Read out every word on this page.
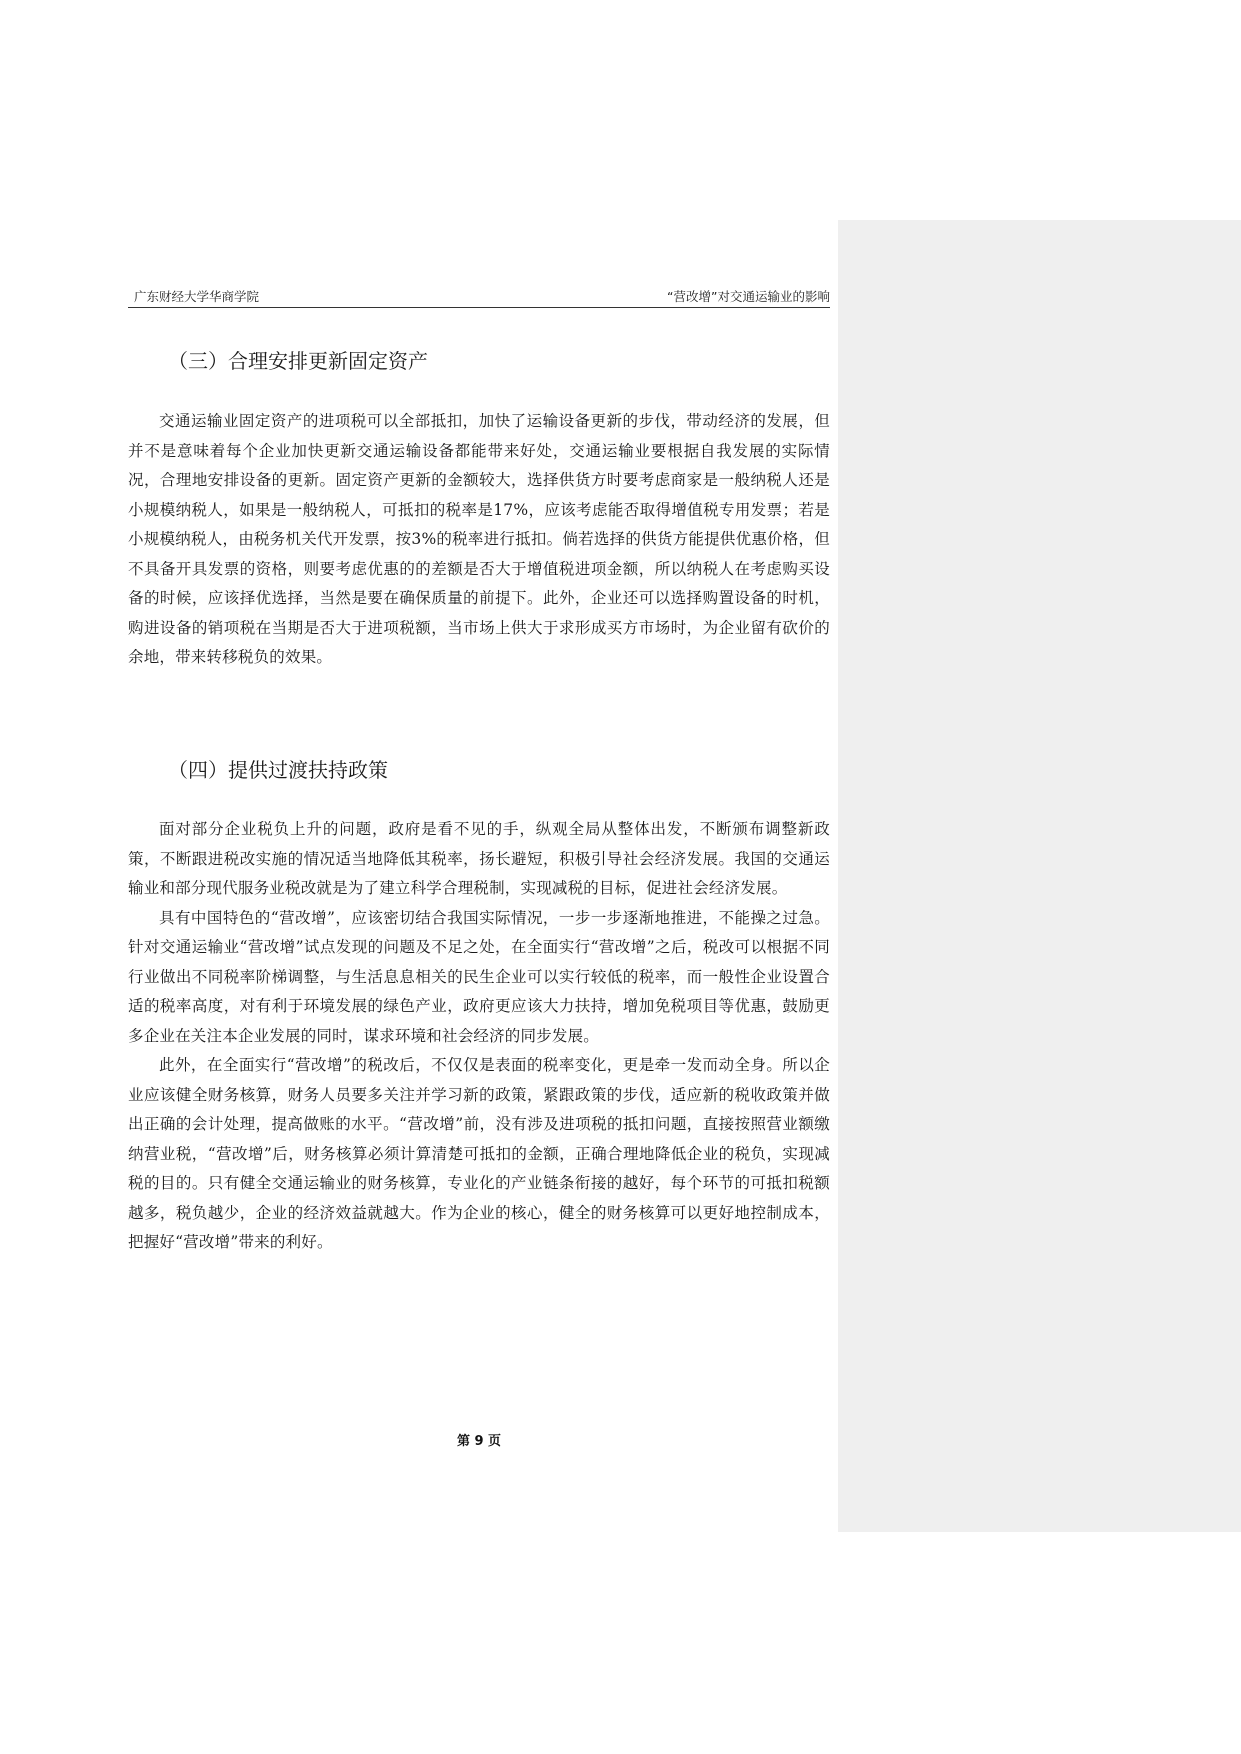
广东财经大学华商学院	“营改增”对交通运输业的影响
（三）合理安排更新固定资产

交通运输业固定资产的进项税可以全部抵扣，加快了运输设备更新的步伐，带动经济的发展，但并不是意味着每个企业加快更新交通运输设备都能带来好处，交通运输业要根据自我发展的实际情况，合理地安排设备的更新。固定资产更新的金额较大，选择供货方时要考虑商家是一般纳税人还是小规模纳税人，如果是一般纳税人，可抵扣的税率是17%，应该考虑能否取得增值税专用发票；若是小规模纳税人，由税务机关代开发票，按3%的税率进行抵扣。倘若选择的供货方能提供优惠价格，但不具备开具发票的资格，则要考虑优惠的的差额是否大于增值税进项金额，所以纳税人在考虑购买设备的时候，应该择优选择，当然是要在确保质量的前提下。此外，企业还可以选择购置设备的时机，购进设备的销项税在当期是否大于进项税额，当市场上供大于求形成买方市场时，为企业留有砍价的余地，带来转移税负的效果。

（四）提供过渡扶持政策

面对部分企业税负上升的问题，政府是看不见的手，纵观全局从整体出发，不断颁布调整新政策，不断跟进税改实施的情况适当地降低其税率，扬长避短，积极引导社会经济发展。我国的交通运输业和部分现代服务业税改就是为了建立科学合理税制，实现减税的目标，促进社会经济发展。

具有中国特色的“营改增”，应该密切结合我国实际情况，一步一步逐渐地推进，不能操之过急。针对交通运输业“营改增”试点发现的问题及不足之处，在全面实行“营改增”之后，税改可以根据不同行业做出不同税率阶梯调整，与生活息息相关的民生企业可以实行较低的税率，而一般性企业设置合适的税率高度，对有利于环境发展的绿色产业，政府更应该大力扶持，增加免税项目等优惠，鼓励更多企业在关注本企业发展的同时，谋求环境和社会经济的同步发展。

此外，在全面实行“营改增”的税改后，不仅仅是表面的税率变化，更是牵一发而动全身。所以企业应该健全财务核算，财务人员要多关注并学习新的政策，紧跟政策的步伐，适应新的税收政策并做出正确的会计处理，提高做账的水平。“营改增”前，没有涉及进项税的抵扣问题，直接按照营业额缴纳营业税，“营改增”后，财务核算必须计算清楚可抵扣的金额，正确合理地降低企业的税负，实现减税的目的。只有健全交通运输业的财务核算，专业化的产业链条衔接的越好，每个环节的可抵扣税额越多，税负越少，企业的经济效益就越大。作为企业的核心，健全的财务核算可以更好地控制成本，把握好“营改增”带来的利好。

第 9 页
